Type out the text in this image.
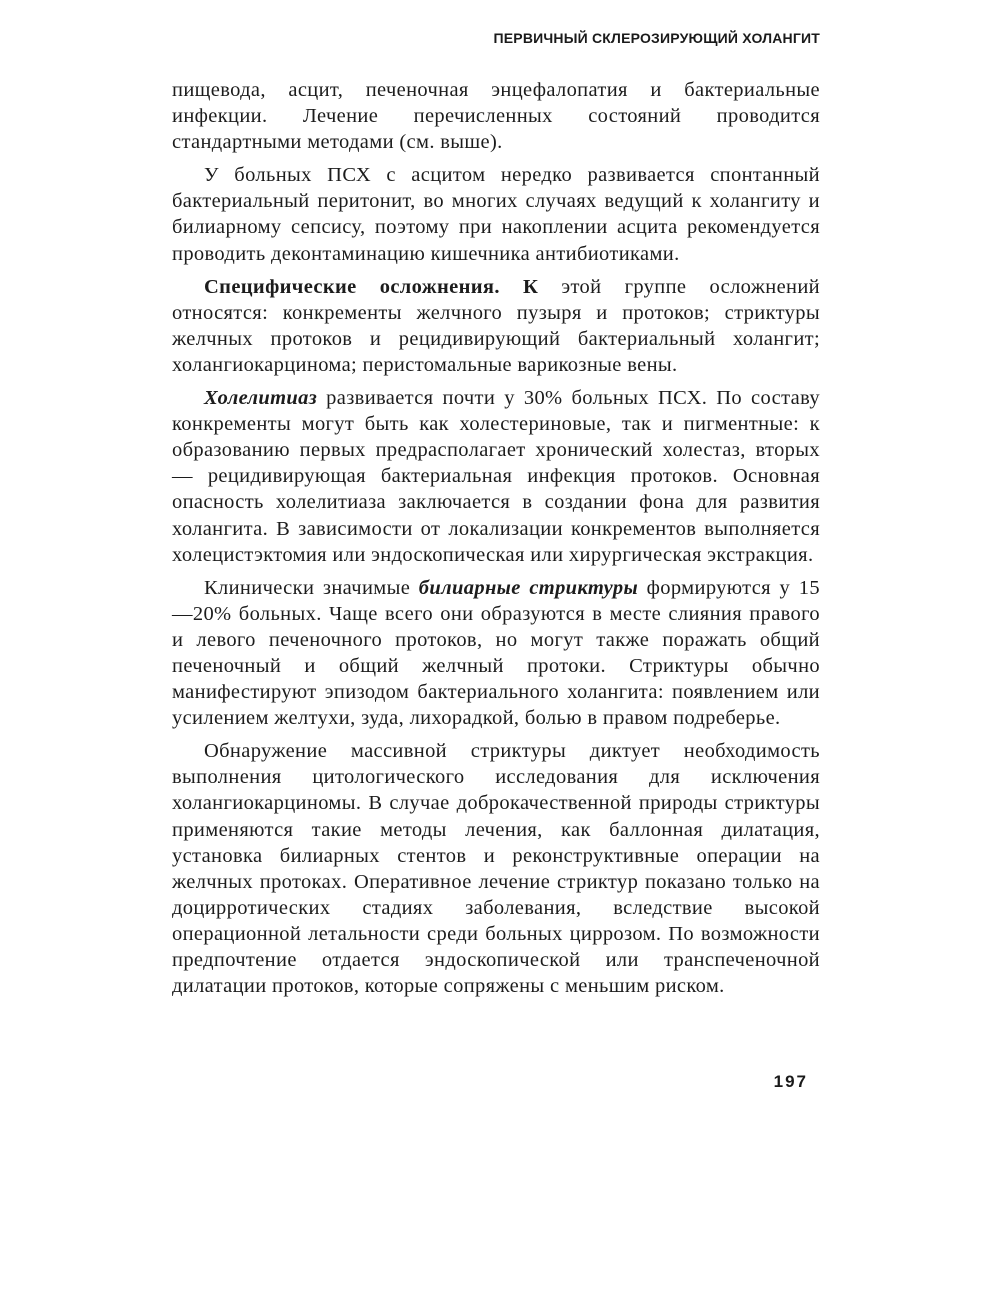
ПЕРВИЧНЫЙ СКЛЕРОЗИРУЮЩИЙ ХОЛАНГИТ

пищевода, асцит, печеночная энцефалопатия и бактериальные инфекции. Лечение перечисленных состояний проводится стандартными методами (см. выше).

У больных ПСХ с асцитом нередко развивается спонтанный бактериальный перитонит, во многих случаях ведущий к холангиту и билиарному сепсису, поэтому при накоплении асцита рекомендуется проводить деконтаминацию кишечника антибиотиками.

Специфические осложнения. К этой группе осложнений относятся: конкременты желчного пузыря и протоков; стриктуры желчных протоков и рецидивирующий бактериальный холангит; холангиокарцинома; перистомальные варикозные вены.

Холелитиаз развивается почти у 30% больных ПСХ. По составу конкременты могут быть как холестериновые, так и пигментные: к образованию первых предрасполагает хронический холестаз, вторых — рецидивирующая бактериальная инфекция протоков. Основная опасность холелитиаза заключается в создании фона для развития холангита. В зависимости от локализации конкрементов выполняется холецистэктомия или эндоскопическая или хирургическая экстракция.

Клинически значимые билиарные стриктуры формируются у 15—20% больных. Чаще всего они образуются в месте слияния правого и левого печеночного протоков, но могут также поражать общий печеночный и общий желчный протоки. Стриктуры обычно манифестируют эпизодом бактериального холангита: появлением или усилением желтухи, зуда, лихорадкой, болью в правом подреберье.

Обнаружение массивной стриктуры диктует необходимость выполнения цитологического исследования для исключения холангиокарциномы. В случае доброкачественной природы стриктуры применяются такие методы лечения, как баллонная дилатация, установка билиарных стентов и реконструктивные операции на желчных протоках. Оперативное лечение стриктур показано только на доцирротических стадиях заболевания, вследствие высокой операционной летальности среди больных циррозом. По возможности предпочтение отдается эндоскопической или транспеченочной дилатации протоков, которые сопряжены с меньшим риском.

197
